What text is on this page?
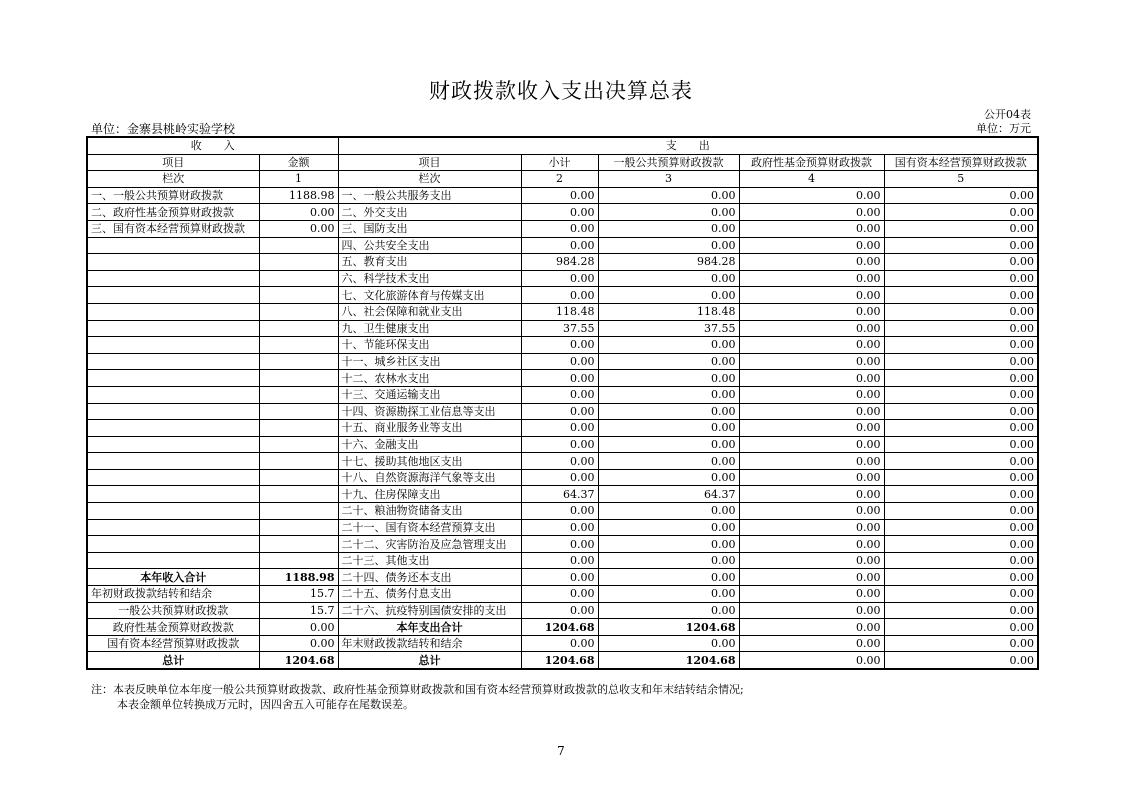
财政拨款收入支出决算总表
公开04表
单位：金寨县桃岭实验学校	单位：万元
收　　入		支　　出				
项目	金额	项目	小计	一般公共预算财政拨款	政府性基金预算财政拨款	国有资本经营预算财政拨款
栏次	1	栏次	2	3	4	5
一、一般公共预算财政拨款	1188.98	一、一般公共服务支出	0.00	0.00	0.00	0.00
二、政府性基金预算财政拨款	0.00	二、外交支出	0.00	0.00	0.00	0.00
三、国有资本经营预算财政拨款	0.00	三、国防支出	0.00	0.00	0.00	0.00
		四、公共安全支出	0.00	0.00	0.00	0.00
		五、教育支出	984.28	984.28	0.00	0.00
		六、科学技术支出	0.00	0.00	0.00	0.00
		七、文化旅游体育与传媒支出	0.00	0.00	0.00	0.00
		八、社会保障和就业支出	118.48	118.48	0.00	0.00
		九、卫生健康支出	37.55	37.55	0.00	0.00
		十、节能环保支出	0.00	0.00	0.00	0.00
		十一、城乡社区支出	0.00	0.00	0.00	0.00
		十二、农林水支出	0.00	0.00	0.00	0.00
		十三、交通运输支出	0.00	0.00	0.00	0.00
		十四、资源勘探工业信息等支出	0.00	0.00	0.00	0.00
		十五、商业服务业等支出	0.00	0.00	0.00	0.00
		十六、金融支出	0.00	0.00	0.00	0.00
		十七、援助其他地区支出	0.00	0.00	0.00	0.00
		十八、自然资源海洋气象等支出	0.00	0.00	0.00	0.00
		十九、住房保障支出	64.37	64.37	0.00	0.00
		二十、粮油物资储备支出	0.00	0.00	0.00	0.00
		二十一、国有资本经营预算支出	0.00	0.00	0.00	0.00
		二十二、灾害防治及应急管理支出	0.00	0.00	0.00	0.00
		二十三、其他支出	0.00	0.00	0.00	0.00
本年收入合计	1188.98	二十四、债务还本支出	0.00	0.00	0.00	0.00
年初财政拨款结转和结余	15.7	二十五、债务付息支出	0.00	0.00	0.00	0.00
一般公共预算财政拨款	15.7	二十六、抗疫特别国债安排的支出	0.00	0.00	0.00	0.00
政府性基金预算财政拨款	0.00	本年支出合计	1204.68	1204.68	0.00	0.00
国有资本经营预算财政拨款	0.00	年末财政拨款结转和结余	0.00	0.00	0.00	0.00
总计	1204.68	总计	1204.68	1204.68	0.00	0.00
注：本表反映单位本年度一般公共预算财政拨款、政府性基金预算财政拨款和国有资本经营预算财政拨款的总收支和年末结转结余情况;
本表金额单位转换成万元时，因四舍五入可能存在尾数误差。
7
